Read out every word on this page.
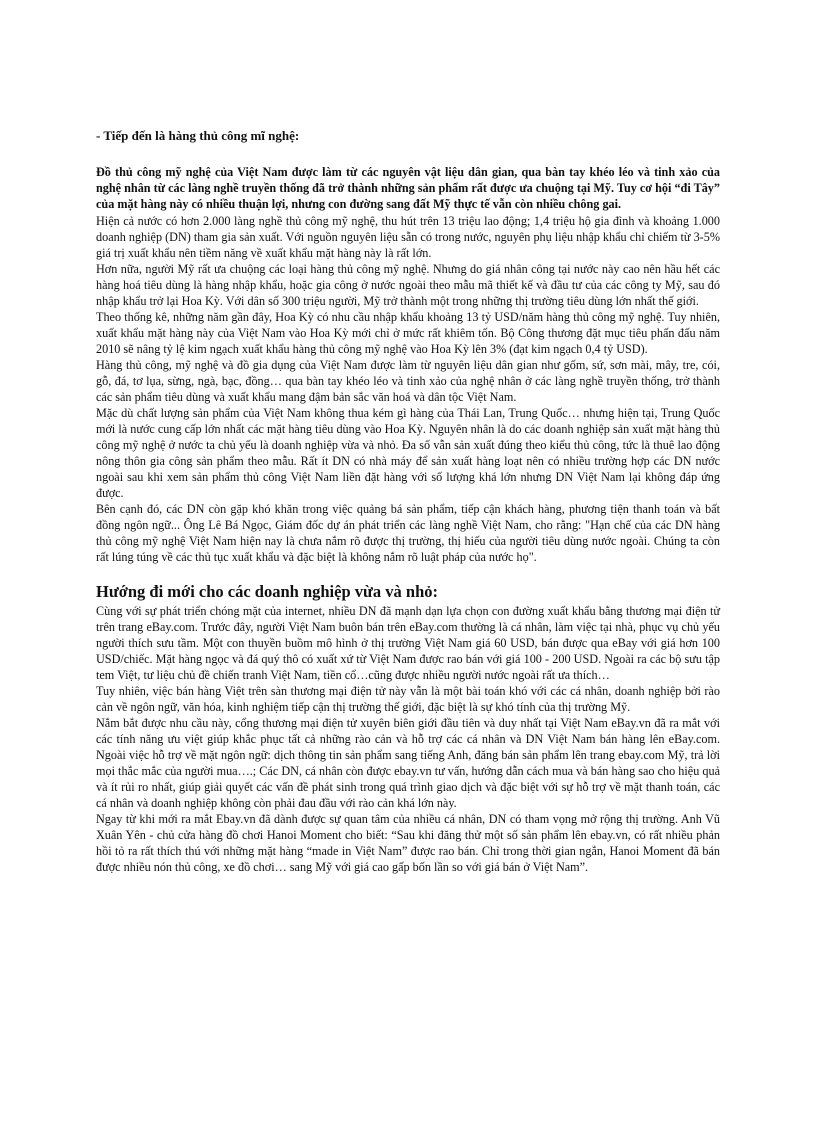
- Tiếp đến là hàng thủ công mĩ nghệ:
Đồ thủ công mỹ nghệ của Việt Nam được làm từ các nguyên vật liệu dân gian, qua bàn tay khéo léo và tinh xảo của nghệ nhân từ các làng nghề truyền thống đã trở thành những sản phẩm rất được ưa chuộng tại Mỹ. Tuy cơ hội “đi Tây” của mặt hàng này có nhiều thuận lợi, nhưng con đường sang đất Mỹ thực tế vẫn còn nhiều chông gai.
Hiện cả nước có hơn 2.000 làng nghề thủ công mỹ nghệ, thu hút trên 13 triệu lao động; 1,4 triệu hộ gia đình và khoảng 1.000 doanh nghiệp (DN) tham gia sản xuất. Với nguồn nguyên liệu sẵn có trong nước, nguyên phụ liệu nhập khẩu chỉ chiếm từ 3-5% giá trị xuất khẩu nên tiềm năng về xuất khẩu mặt hàng này là rất lớn.
Hơn nữa, người Mỹ rất ưa chuộng các loại hàng thủ công mỹ nghệ. Nhưng do giá nhân công tại nước này cao nên hầu hết các hàng hoá tiêu dùng là hàng nhập khẩu, hoặc gia công ở nước ngoài theo mẫu mã thiết kế và đầu tư của các công ty Mỹ, sau đó nhập khẩu trở lại Hoa Kỳ. Với dân số 300 triệu người, Mỹ trở thành một trong những thị trường tiêu dùng lớn nhất thế giới.
Theo thống kê, những năm gần đây, Hoa Kỳ có nhu cầu nhập khẩu khoảng 13 tỷ USD/năm hàng thủ công mỹ nghệ. Tuy nhiên, xuất khẩu mặt hàng này của Việt Nam vào Hoa Kỳ mới chỉ ở mức rất khiêm tốn. Bộ Công thương đặt mục tiêu phấn đấu năm 2010 sẽ nâng tỷ lệ kim ngạch xuất khẩu hàng thủ công mỹ nghệ vào Hoa Kỳ lên 3% (đạt kim ngạch 0,4 tỷ USD).
Hàng thủ công, mỹ nghệ và đồ gia dụng của Việt Nam được làm từ nguyên liệu dân gian như gốm, sứ, sơn mài, mây, tre, cói, gỗ, đá, tơ lụa, sừng, ngà, bạc, đồng… qua bàn tay khéo léo và tinh xảo của nghệ nhân ở các làng nghề truyền thống, trở thành các sản phẩm tiêu dùng và xuất khẩu mang đậm bản sắc văn hoá và dân tộc Việt Nam.
Mặc dù chất lượng sản phẩm của Việt Nam không thua kém gì hàng của Thái Lan, Trung Quốc… nhưng hiện tại, Trung Quốc mới là nước cung cấp lớn nhất các mặt hàng tiêu dùng vào Hoa Kỳ. Nguyên nhân là do các doanh nghiệp sản xuất mặt hàng thủ công mỹ nghệ ở nước ta chủ yếu là doanh nghiệp vừa và nhỏ. Đa số vẫn sản xuất đúng theo kiểu thủ công, tức là thuê lao động nông thôn gia công sản phẩm theo mẫu. Rất ít DN có nhà máy để sản xuất hàng loạt nên có nhiều trường hợp các DN nước ngoài sau khi xem sản phẩm thủ công Việt Nam liền đặt hàng với số lượng khá lớn nhưng DN Việt Nam lại không đáp ứng được.
Bên cạnh đó, các DN còn gặp khó khăn trong việc quảng bá sản phẩm, tiếp cận khách hàng, phương tiện thanh toán và bất đồng ngôn ngữ... Ông Lê Bá Ngọc, Giám đốc dự án phát triển các làng nghề Việt Nam, cho rằng: "Hạn chế của các DN hàng thủ công mỹ nghệ Việt Nam hiện nay là chưa nắm rõ được thị trường, thị hiếu của người tiêu dùng nước ngoài. Chúng ta còn rất lúng túng về các thủ tục xuất khẩu và đặc biệt là không nắm rõ luật pháp của nước họ".
Hướng đi mới cho các doanh nghiệp vừa và nhỏ:
Cùng với sự phát triển chóng mặt của internet, nhiều DN đã mạnh dạn lựa chọn con đường xuất khẩu bằng thương mại điện tử trên trang eBay.com. Trước đây, người Việt Nam buôn bán trên eBay.com thường là cá nhân, làm việc tại nhà, phục vụ chủ yếu người thích sưu tầm. Một con thuyền buồm mô hình ở thị trường Việt Nam giá 60 USD, bán được qua eBay với giá hơn 100 USD/chiếc. Mặt hàng ngọc và đá quý thô có xuất xứ từ Việt Nam được rao bán với giá 100 - 200 USD. Ngoài ra các bộ sưu tập tem Việt, tư liệu chủ đề chiến tranh Việt Nam, tiền cổ…cũng được nhiều người nước ngoài rất ưa thích…
Tuy nhiên, việc bán hàng Việt trên sàn thương mại điện tử này vẫn là một bài toán khó với các cá nhân, doanh nghiệp bởi rào cản về ngôn ngữ, văn hóa, kinh nghiệm tiếp cận thị trường thế giới, đặc biệt là sự khó tính của thị trường Mỹ.
Nắm bắt được nhu cầu này, cổng thương mại điện tử xuyên biên giới đầu tiên và duy nhất tại Việt Nam eBay.vn đã ra mắt với các tính năng ưu việt giúp khắc phục tất cả những rào cản và hỗ trợ các cá nhân và DN Việt Nam bán hàng lên eBay.com. Ngoài việc hỗ trợ về mặt ngôn ngữ: dịch thông tin sản phẩm sang tiếng Anh, đăng bán sản phẩm lên trang ebay.com Mỹ, trả lời mọi thắc mắc của người mua….; Các DN, cá nhân còn được ebay.vn tư vấn, hướng dẫn cách mua và bán hàng sao cho hiệu quả và ít rủi ro nhất, giúp giải quyết các vấn đề phát sinh trong quá trình giao dịch và đặc biệt với sự hỗ trợ về mặt thanh toán, các cá nhân và doanh nghiệp không còn phải đau đầu với rào cản khá lớn này.
Ngay từ khi mới ra mắt Ebay.vn đã dành được sự quan tâm của nhiều cá nhân, DN có tham vọng mở rộng thị trường. Anh Vũ Xuân Yên - chủ cửa hàng đồ chơi Hanoi Moment cho biết: “Sau khi đăng thử một số sản phẩm lên ebay.vn, có rất nhiều phản hồi tỏ ra rất thích thú với những mặt hàng “made in Việt Nam” được rao bán. Chỉ trong thời gian ngắn, Hanoi Moment đã bán được nhiều nón thủ công, xe đồ chơi… sang Mỹ với giá cao gấp bốn lần so với giá bán ở Việt Nam”.
